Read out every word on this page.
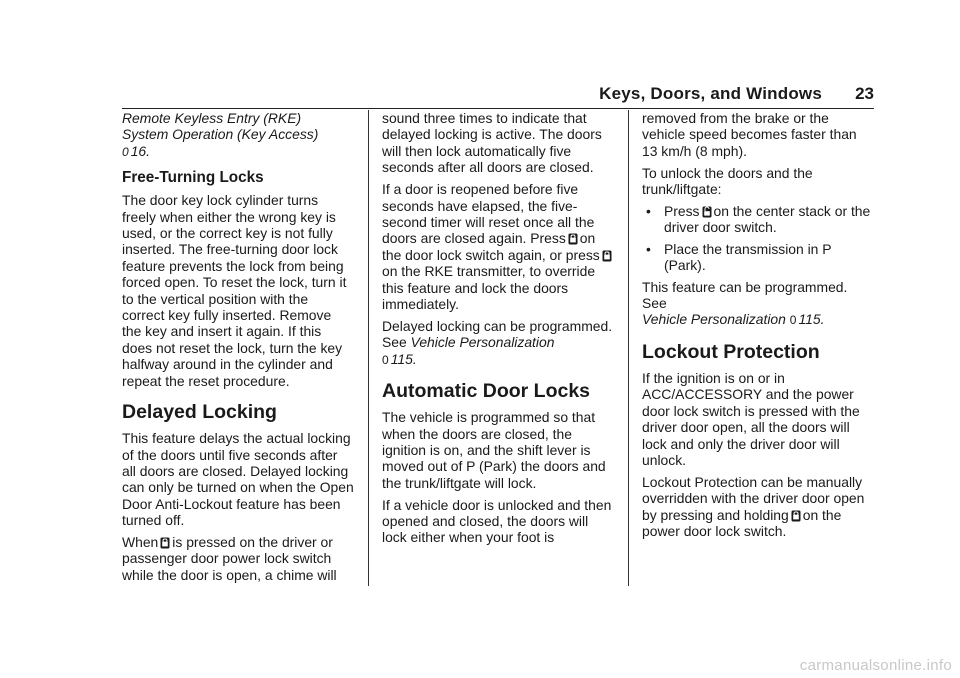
Keys, Doors, and Windows 23

Remote Keyless Entry (RKE)
System Operation (Key Access)
0 16.

Free-Turning Locks

The door key lock cylinder turns freely when either the wrong key is used, or the correct key is not fully inserted. The free-turning door lock feature prevents the lock from being forced open. To reset the lock, turn it to the vertical position with the correct key fully inserted. Remove the key and insert it again. If this does not reset the lock, turn the key halfway around in the cylinder and repeat the reset procedure.

Delayed Locking

This feature delays the actual locking of the doors until five seconds after all doors are closed. Delayed locking can only be turned on when the Open Door Anti-Lockout feature has been turned off.

When is pressed on the driver or passenger door power lock switch while the door is open, a chime will

sound three times to indicate that delayed locking is active. The doors will then lock automatically five seconds after all doors are closed.

If a door is reopened before five seconds have elapsed, the five-second timer will reset once all the doors are closed again. Press on the door lock switch again, or press
on the RKE transmitter, to override this feature and lock the doors immediately.

Delayed locking can be programmed. See Vehicle Personalization
0 115.

Automatic Door Locks

The vehicle is programmed so that when the doors are closed, the ignition is on, and the shift lever is moved out of P (Park) the doors and the trunk/liftgate will lock.

If a vehicle door is unlocked and then opened and closed, the doors will lock either when your foot is

removed from the brake or the vehicle speed becomes faster than 13 km/h (8 mph).

To unlock the doors and the trunk/liftgate:

• Press on the center stack or the driver door switch.
• Place the transmission in P (Park).

This feature can be programmed. See
Vehicle Personalization 0 115.

Lockout Protection

If the ignition is on or in ACC/ACCESSORY and the power door lock switch is pressed with the driver door open, all the doors will lock and only the driver door will unlock.

Lockout Protection can be manually overridden with the driver door open by pressing and holding on the power door lock switch.

carmanualsonline.info
